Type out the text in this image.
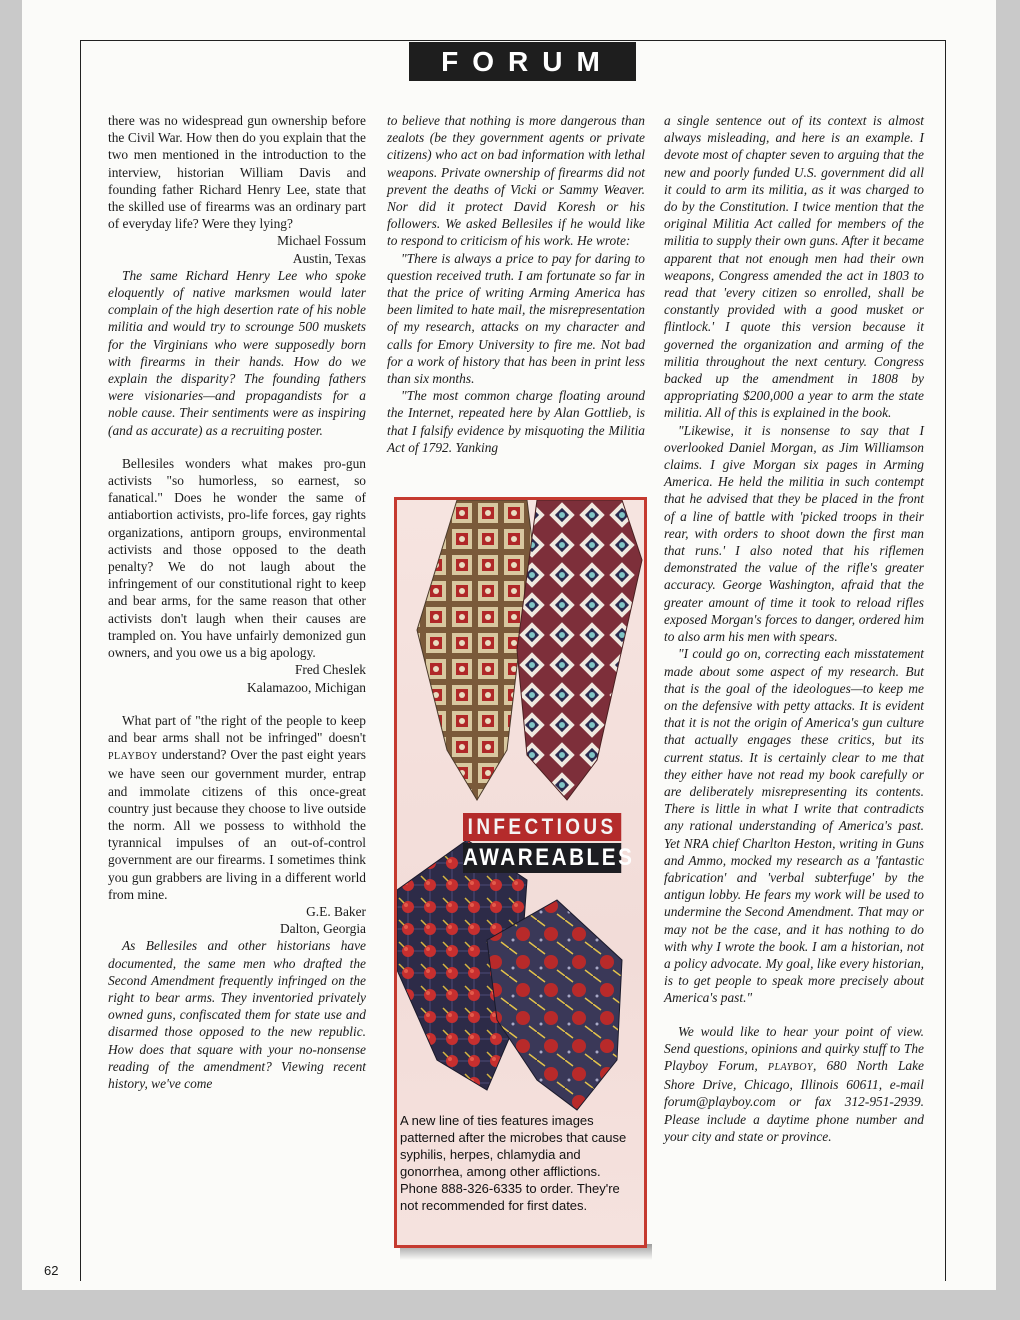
FORUM

there was no widespread gun ownership before the Civil War. How then do you explain that the two men mentioned in the introduction to the interview, historian William Davis and founding father Richard Henry Lee, state that the skilled use of firearms was an ordinary part of everyday life? Were they lying?

Michael Fossum

Austin, Texas

The same Richard Henry Lee who spoke eloquently of native marksmen would later complain of the high desertion rate of his noble militia and would try to scrounge 500 muskets for the Virginians who were supposedly born with firearms in their hands. How do we explain the disparity? The founding fathers were visionaries—and propagandists for a noble cause. Their sentiments were as inspiring (and as accurate) as a recruiting poster.

Bellesiles wonders what makes pro-gun activists "so humorless, so earnest, so fanatical." Does he wonder the same of antiabortion activists, pro-life forces, gay rights organizations, antiporn groups, environmental activists and those opposed to the death penalty? We do not laugh about the infringement of our constitutional right to keep and bear arms, for the same reason that other activists don't laugh when their causes are trampled on. You have unfairly demonized gun owners, and you owe us a big apology.

Fred Cheslek

Kalamazoo, Michigan

What part of "the right of the people to keep and bear arms shall not be infringed" doesn't PLAYBOY understand? Over the past eight years we have seen our government murder, entrap and immolate citizens of this once-great country just because they choose to live outside the norm. All we possess to withhold the tyrannical impulses of an out-of-control government are our firearms. I sometimes think you gun grabbers are living in a different world from mine.

G.E. Baker

Dalton, Georgia

As Bellesiles and other historians have documented, the same men who drafted the Second Amendment frequently infringed on the right to bear arms. They inventoried privately owned guns, confiscated them for state use and disarmed those opposed to the new republic. How does that square with your no-nonsense reading of the amendment? Viewing recent history, we've come

to believe that nothing is more dangerous than zealots (be they government agents or private citizens) who act on bad information with lethal weapons. Private ownership of firearms did not prevent the deaths of Vicki or Sammy Weaver. Nor did it protect David Koresh or his followers. We asked Bellesiles if he would like to respond to criticism of his work. He wrote:

"There is always a price to pay for daring to question received truth. I am fortunate so far in that the price of writing Arming America has been limited to hate mail, the misrepresentation of my research, attacks on my character and calls for Emory University to fire me. Not bad for a work of history that has been in print less than six months.

"The most common charge floating around the Internet, repeated here by Alan Gottlieb, is that I falsify evidence by misquoting the Militia Act of 1792. Yanking

a single sentence out of its context is almost always misleading, and here is an example. I devote most of chapter seven to arguing that the new and poorly funded U.S. government did all it could to arm its militia, as it was charged to do by the Constitution. I twice mention that the original Militia Act called for members of the militia to supply their own guns. After it became apparent that not enough men had their own weapons, Congress amended the act in 1803 to read that 'every citizen so enrolled, shall be constantly provided with a good musket or flintlock.' I quote this version because it governed the organization and arming of the militia throughout the next century. Congress backed up the amendment in 1808 by appropriating $200,000 a year to arm the state militia. All of this is explained in the book.

"Likewise, it is nonsense to say that I overlooked Daniel Morgan, as Jim Williamson claims. I give Morgan six pages in Arming America. He held the militia in such contempt that he advised that they be placed in the front of a line of battle with 'picked troops in their rear, with orders to shoot down the first man that runs.' I also noted that his riflemen demonstrated the value of the rifle's greater accuracy. George Washington, afraid that the greater amount of time it took to reload rifles exposed Morgan's forces to danger, ordered him to also arm his men with spears.

"I could go on, correcting each misstatement made about some aspect of my research. But that is the goal of the ideologues—to keep me on the defensive with petty attacks. It is evident that it is not the origin of America's gun culture that actually engages these critics, but its current status. It is certainly clear to me that they either have not read my book carefully or are deliberately misrepresenting its contents. There is little in what I write that contradicts any rational understanding of America's past. Yet NRA chief Charlton Heston, writing in Guns and Ammo, mocked my research as a 'fantastic fabrication' and 'verbal subterfuge' by the antigun lobby. He fears my work will be used to undermine the Second Amendment. That may or may not be the case, and it has nothing to do with why I wrote the book. I am a historian, not a policy advocate. My goal, like every historian, is to get people to speak more precisely about America's past."

We would like to hear your point of view. Send questions, opinions and quirky stuff to The Playboy Forum, PLAYBOY, 680 North Lake Shore Drive, Chicago, Illinois 60611, e-mail forum@playboy.com or fax 312-951-2939. Please include a daytime phone number and your city and state or province.

INFECTIOUS
AWAREABLES
A new line of ties features images patterned after the microbes that cause syphilis, herpes, chlamydia and gonorrhea, among other afflictions. Phone 888-326-6335 to order. They're not recommended for first dates.
62
